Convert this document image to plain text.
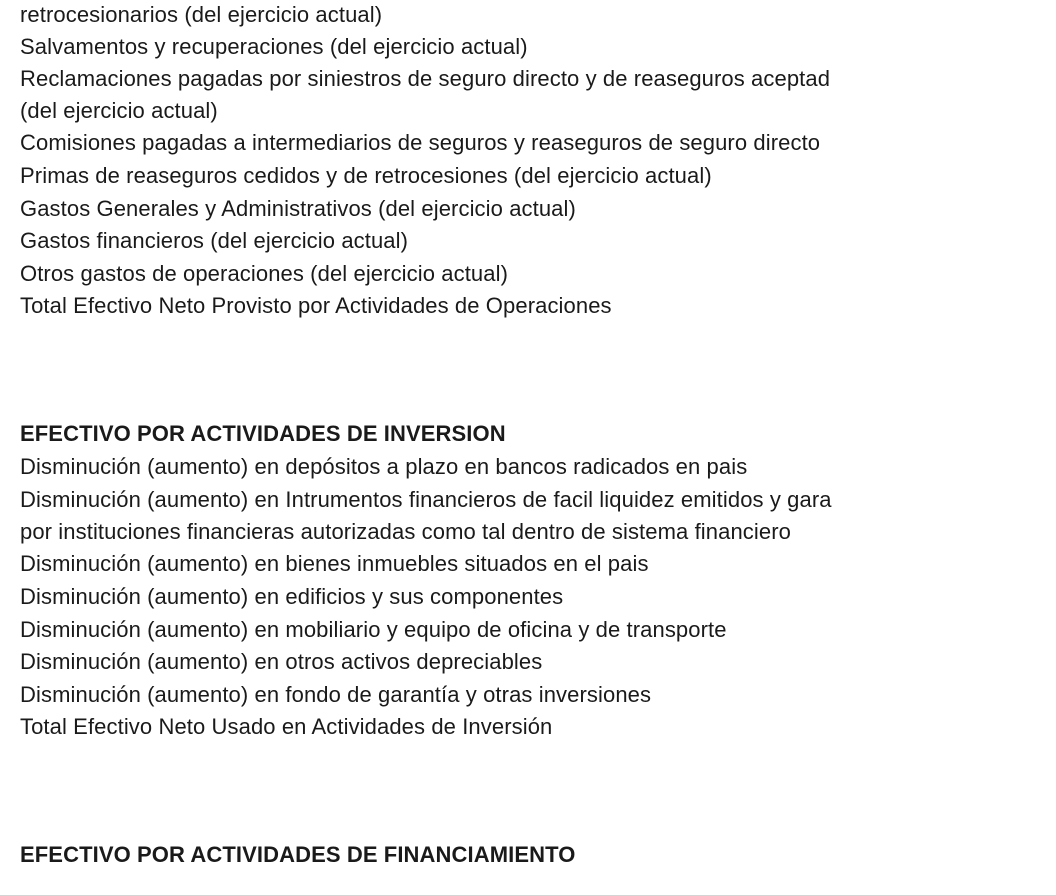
retrocesionarios (del ejercicio actual)
Salvamentos y recuperaciones (del ejercicio actual)
Reclamaciones pagadas por siniestros de seguro directo y de reaseguros aceptad
(del ejercicio actual)
Comisiones pagadas a intermediarios de seguros y reaseguros de seguro directo
Primas de reaseguros cedidos y de retrocesiones (del ejercicio actual)
Gastos Generales y Administrativos (del ejercicio actual)
Gastos financieros (del ejercicio actual)
Otros gastos de operaciones (del ejercicio actual)
Total Efectivo Neto Provisto por Actividades de Operaciones
EFECTIVO POR ACTIVIDADES DE INVERSION
Disminución (aumento) en depósitos a plazo en bancos radicados en pais
Disminución (aumento) en Intrumentos financieros de facil liquidez emitidos y gara
por instituciones financieras autorizadas como tal dentro de sistema financiero
Disminución (aumento) en bienes inmuebles situados en el pais
Disminución (aumento) en edificios y sus componentes
Disminución (aumento) en mobiliario y equipo de oficina y de transporte
Disminución (aumento) en otros activos depreciables
Disminución (aumento) en fondo de garantía y otras inversiones
Total Efectivo Neto Usado en Actividades de Inversión
EFECTIVO POR ACTIVIDADES DE FINANCIAMIENTO
